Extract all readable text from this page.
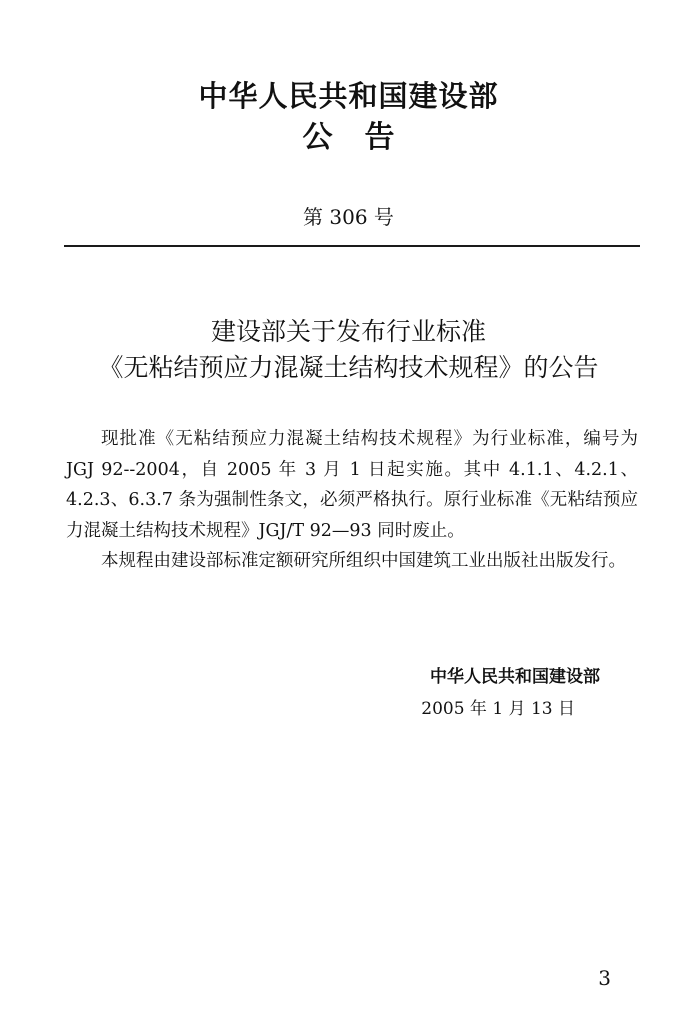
中华人民共和国建设部
公告
第 306 号
建设部关于发布行业标准
《无粘结预应力混凝土结构技术规程》的公告

现批准《无粘结预应力混凝土结构技术规程》为行业标准，编号为 JGJ 92--2004，自 2005 年 3 月 1 日起实施。其中 4.1.1、4.2.1、4.2.3、6.3.7 条为强制性条文，必须严格执行。原行业标准《无粘结预应力混凝土结构技术规程》JGJ/T 92—93 同时废止。

本规程由建设部标准定额研究所组织中国建筑工业出版社出版发行。

中华人民共和国建设部
2005 年 1 月 13 日
3
